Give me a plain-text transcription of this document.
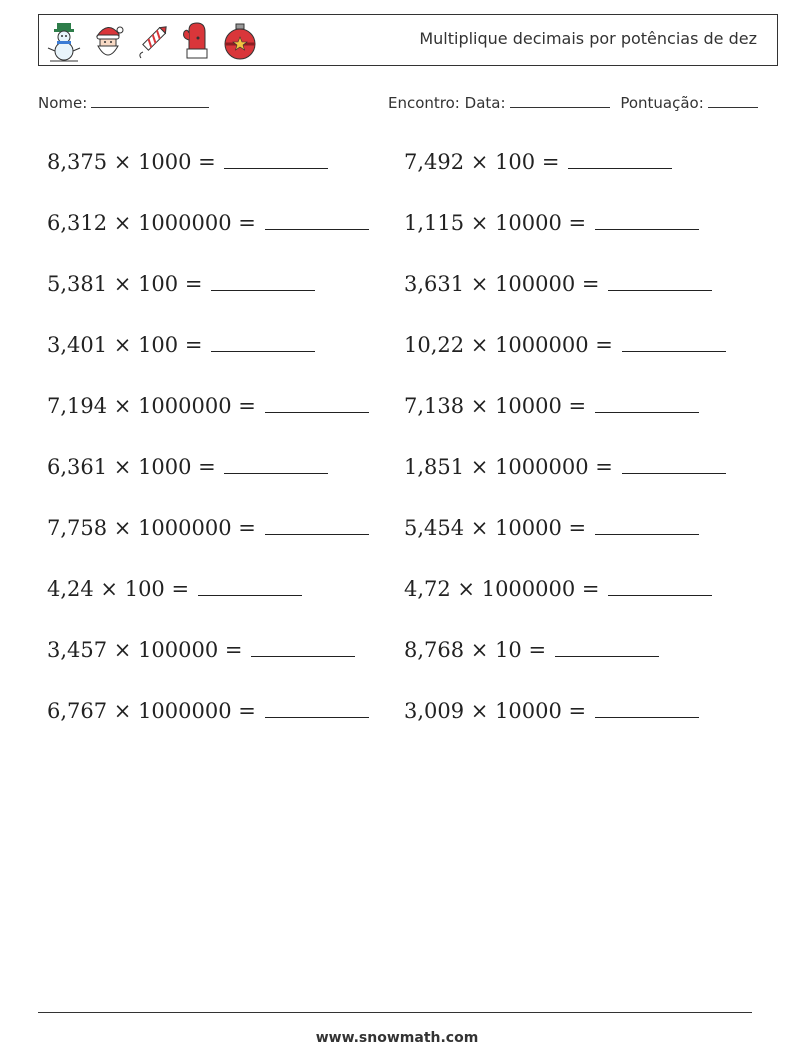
Multiplique decimais por potências de dez
Nome:	Encontro: Data:	Pontuação:
8,375 × 1000 =
6,312 × 1000000 =
5,381 × 100 =
3,401 × 100 =
7,194 × 1000000 =
6,361 × 1000 =
7,758 × 1000000 =
4,24 × 100 =
3,457 × 100000 =
6,767 × 1000000 =
7,492 × 100 =
1,115 × 10000 =
3,631 × 100000 =
10,22 × 1000000 =
7,138 × 10000 =
1,851 × 1000000 =
5,454 × 10000 =
4,72 × 1000000 =
8,768 × 10 =
3,009 × 10000 =
www.snowmath.com
